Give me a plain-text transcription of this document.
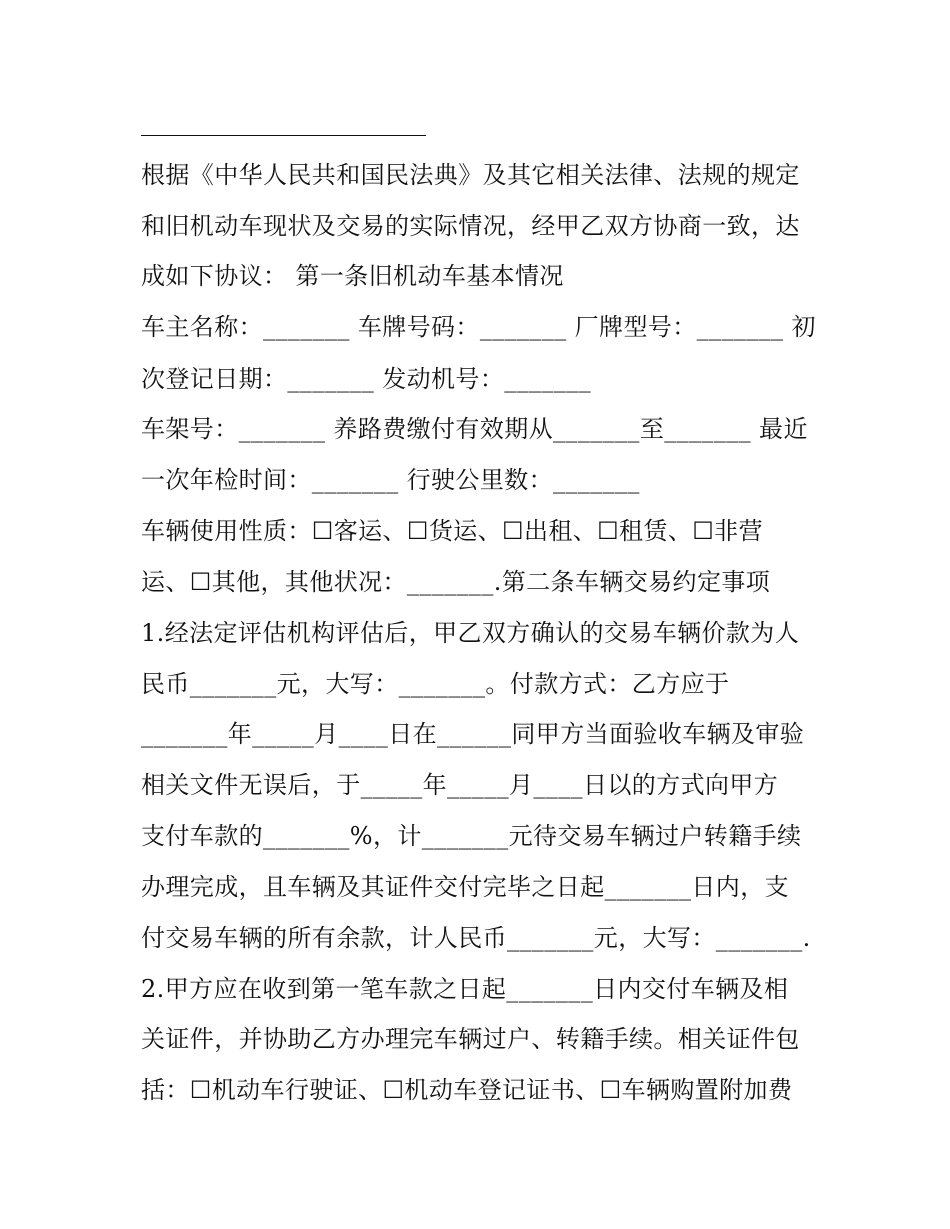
根据《中华人民共和国民法典》及其它相关法律、法规的规定
和旧机动车现状及交易的实际情况，经甲乙双方协商一致，达
成如下协议： 第一条旧机动车基本情况
车主名称：_______ 车牌号码：_______ 厂牌型号：_______ 初
次登记日期：_______ 发动机号：_______
车架号：_______ 养路费缴付有效期从_______至_______ 最近
一次年检时间：_______ 行驶公里数：_______
车辆使用性质：☐客运、☐货运、☐出租、☐租赁、☐非营
运、☐其他，其他状况：_______.第二条车辆交易约定事项
1.经法定评估机构评估后，甲乙双方确认的交易车辆价款为人
民币_______元，大写：_______。付款方式：乙方应于
_______年_____月____日在______同甲方当面验收车辆及审验
相关文件无误后，于_____年_____月____日以的方式向甲方
支付车款的_______%，计_______元待交易车辆过户转籍手续
办理完成，且车辆及其证件交付完毕之日起_______日内，支
付交易车辆的所有余款，计人民币_______元，大写：_______.
2.甲方应在收到第一笔车款之日起_______日内交付车辆及相
关证件，并协助乙方办理完车辆过户、转籍手续。相关证件包
括：☐机动车行驶证、☐机动车登记证书、☐车辆购置附加费
